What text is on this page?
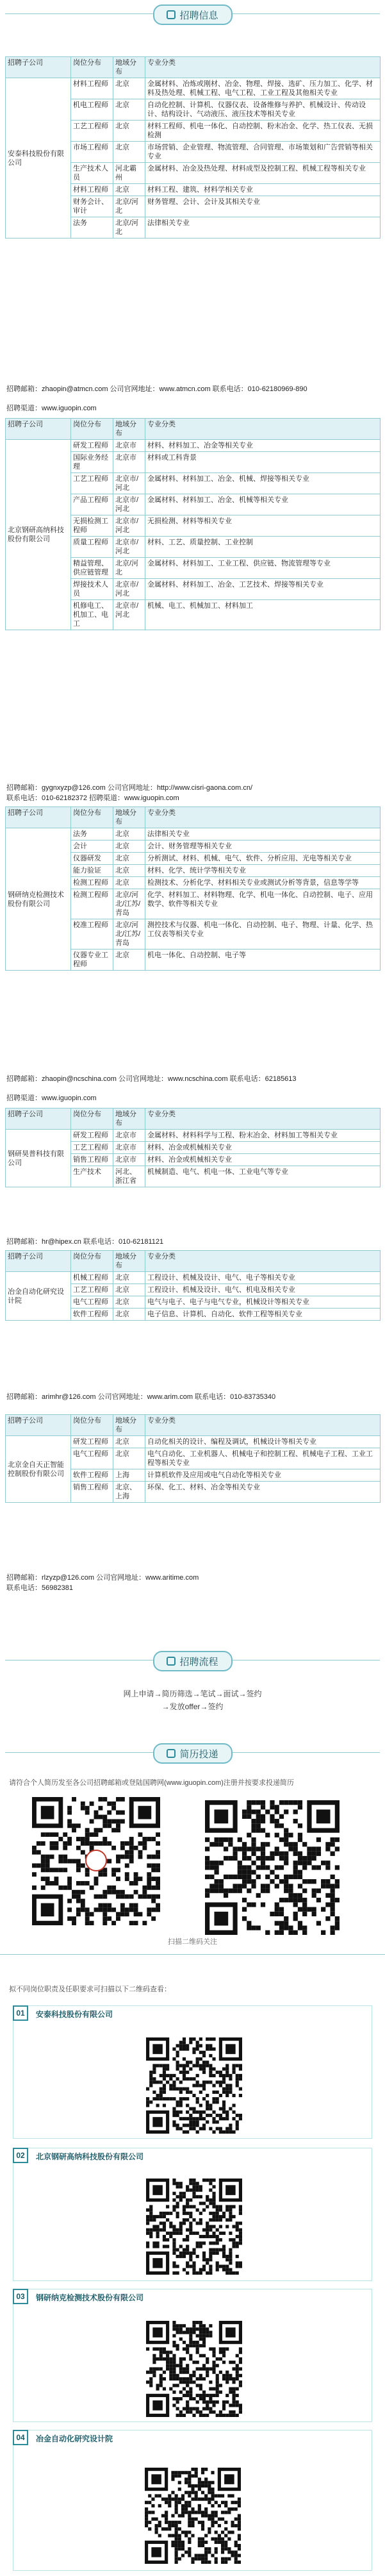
招聘信息
招聘子公司	岗位分布	地域分布	专业分类
安泰科技股份有限公司	材料工程师	北京	金属材料、冶炼或刚材、冶金、物理、焊接、选矿、压力加工、化学、材料及热处理、机械工程、电气工程、工业工程及其他相关专业
	机电工程师	北京	自动化控制、计算机、仪器仪表、设备维修与养护、机械设计、传动设计、结构设计、气动液压、液压技术等相关专业
	工艺工程师	北京	材料工程师、机电一体化、自动控制、粉末冶金、化学、热工仪表、无损检测
	市场工程师	北京	市场营销、企业管理、物流管理、合同管理、市场策划和广告营销等相关专业
	生产技术人员	河北霸州	金属材料、冶金及热处理、材料成型及控制工程、机械工程等相关专业
	材料工程师	北京	材料工程、建筑、材料学相关专业
	财务会计、审计	北京/河北	财务管理、会计、会计及其相关专业
	法务	北京/河北	法律相关专业
招聘邮箱：zhaopin@atmcn.com 公司官网地址：www.atmcn.com 联系电话：010-62180969-890
招聘渠道：www.iguopin.com
招聘子公司	岗位分布	地域分布	专业分类
北京钢研高纳科技股份有限公司	研发工程师	北京市	材料、材料加工、冶金等相关专业
	国际业务经理	北京市	材料或工科背景
	工艺工程师	北京市/河北	金属材料、材料加工、冶金、机械、焊接等相关专业
	产品工程师	北京市/河北	金属材料、材料加工、冶金、机械等相关专业
	无损检测工程师	北京市/河北	无损检测、材料等相关专业
	质量工程师	北京市/河北	材料、工艺、质量控制、工业控制
	精益管理、供应链管理	北京/河北	金属材料、材料加工、工业工程、供应链、物流管理等专业
	焊接技术人员	北京市/河北	金属材料、材料加工、冶金、工艺技术、焊接等相关专业
	机修电工、机加工、电工	北京市/河北	机械、电工、机械加工、材料加工
招聘邮箱：gygnxyzp@126.com 公司官网地址：http://www.cisri-gaona.com.cn/
联系电话：010-62182372 招聘渠道：www.iguopin.com
招聘子公司	岗位分布	地域分布	专业分类
钢研纳克检测技术股份有限公司	法务	北京	法律相关专业
	会计	北京	会计、财务管理等相关专业
	仪器研发	北京	分析测试、材料、机械、电气、软件、分析应用、光电等相关专业
	能力验证	北京	材料、化学、统计学等相关专业
	检测工程师	北京	检测技术、分析化学、材料相关专业或测试分析等背景，信息等学等
	检测工程师	北京/河北/江苏/青岛	化学、材料加工、材料物理、化学、机电一体化、自动控制、电子、应用数学、软件等相关专业
	校准工程师	北京/河北/江苏/青岛	测控技术与仪器、机电一体化、自动控制、电子、物理、计量、化学、热工仪表等相关专业
	仪器专业工程师	北京	机电一体化、自动控制、电子等
招聘邮箱：zhaopin@ncschina.com 公司官网地址：www.ncschina.com 联系电话：62185613
招聘渠道：www.iguopin.com
招聘子公司	岗位分布	地域分布	专业分类
钢研昊普科技有限公司	研发工程师	北京市	金属材料、材料科学与工程、粉末冶金、材料加工等相关专业
	工艺工程师	北京市	材料、冶金或机械相关专业
	销售工程师	北京市	材料、冶金或机械相关专业
	生产技术	河北、浙江省	机械制造、电气、机电一体、工业电气等专业
招聘邮箱：hr@hipex.cn 联系电话：010-62181121
招聘子公司	岗位分布	地域分布	专业分类
冶金自动化研究设计院	机械工程师	北京	工程设计、机械及设计、电气、电子等相关专业
	工艺工程师	北京	工程设计、机械及设计、电气、机电及相关专业
	电气工程师	北京	电气与电子、电子与电气专业，机械设计等相关专业
	软件工程师	北京	电子信息、计算机、自动化、软件工程等相关专业
招聘邮箱：arimhr@126.com 公司官网地址：www.arim.com 联系电话：010-83735340
招聘子公司	岗位分布	地域分布	专业分类
北京金自天正智能控制股份有限公司	研发工程师	北京	自动化相关的设计、编程及调试，机械设计等相关专业
	电气工程师	北京	电气自动化、工业机器人、机械电子和控制工程、机械电子工程、工业工程等相关专业
	软件工程师	上海	计算机软件及应用或电气自动化等相关专业
	销售工程师	北京、上海	环保、化工、材料、冶金等相关专业
招聘邮箱：rlzyzp@126.com 公司官网地址：www.aritime.com
联系电话：56982381
招聘流程
网上申请→简历筛选→笔试→面试→签约
→发放offer→签约
简历投递
请符合个人简历发至各公司招聘邮箱或登陆国聘网(www.iguopin.com)注册并按要求投递简历
扫描二维码关注
拟不同岗位职责及任职要求可扫描以下二维码查看：
01	安泰科技股份有限公司
02	北京钢研高纳科技股份有限公司
03	钢研纳克检测技术股份有限公司
04	冶金自动化研究设计院
